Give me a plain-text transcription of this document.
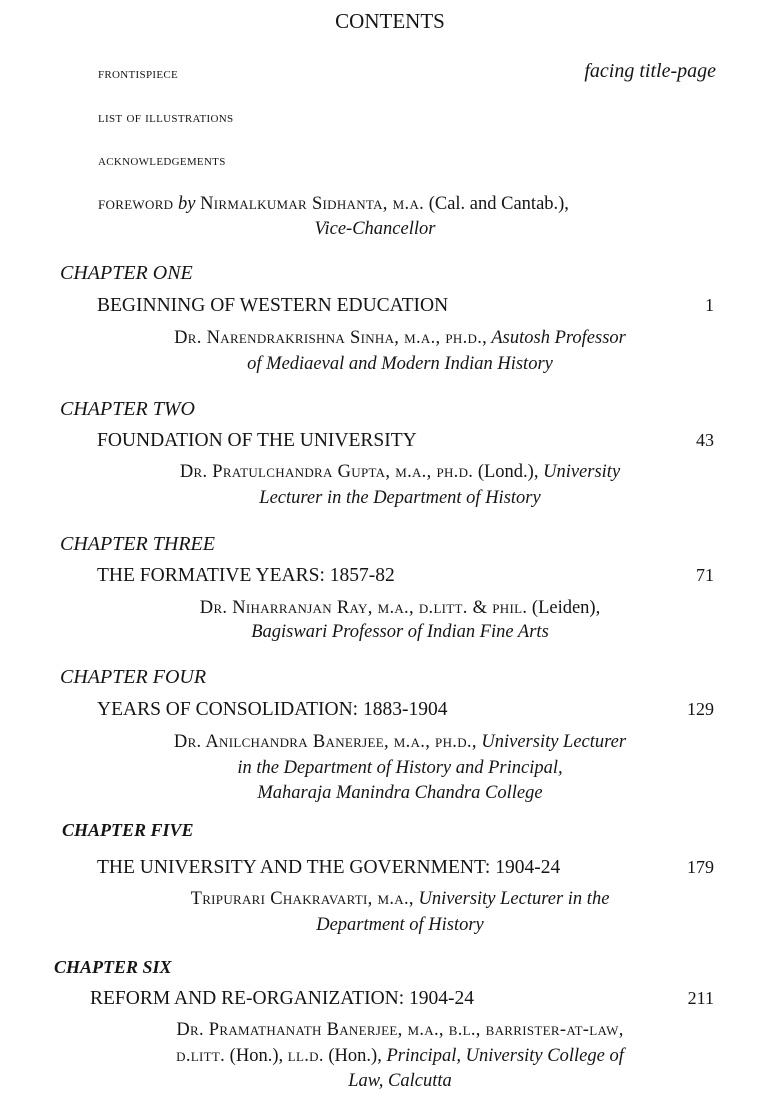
CONTENTS
frontispiece	facing title-page
list of illustrations
acknowledgements
foreword by Nirmalkumar Sidhanta, m.a. (Cal. and Cantab.),
Vice-Chancellor
CHAPTER ONE
BEGINNING OF WESTERN EDUCATION	1
Dr. Narendrakrishna Sinha, m.a., ph.d., Asutosh Professor
of Mediaeval and Modern Indian History
CHAPTER TWO
FOUNDATION OF THE UNIVERSITY	43
Dr. Pratulchandra Gupta, m.a., ph.d. (Lond.), University
Lecturer in the Department of History
CHAPTER THREE
THE FORMATIVE YEARS: 1857-82	71
Dr. Niharranjan Ray, m.a., d.litt. & phil. (Leiden),
Bagiswari Professor of Indian Fine Arts
CHAPTER FOUR
YEARS OF CONSOLIDATION: 1883-1904	129
Dr. Anilchandra Banerjee, m.a., ph.d., University Lecturer
in the Department of History and Principal,
Maharaja Manindra Chandra College
CHAPTER FIVE
THE UNIVERSITY AND THE GOVERNMENT: 1904-24	179
Tripurari Chakravarti, m.a., University Lecturer in the
Department of History
CHAPTER SIX
REFORM AND RE-ORGANIZATION: 1904-24	211
Dr. Pramathanath Banerjee, m.a., b.l., barrister-at-law,
d.litt. (Hon.), ll.d. (Hon.), Principal, University College of
Law, Calcutta
